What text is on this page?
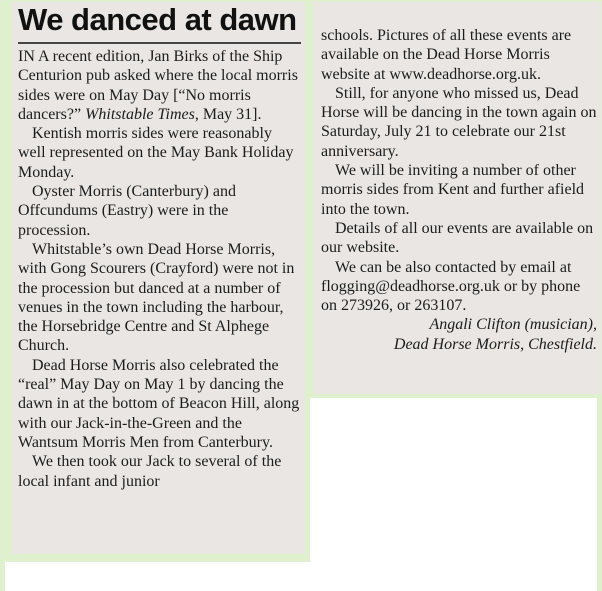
We danced at dawn

IN A recent edition, Jan Birks of the Ship Centurion pub asked where the local morris sides were on May Day [“No morris dancers?” Whitstable Times, May 31].

Kentish morris sides were reasonably well represented on the May Bank Holiday Monday.

Oyster Morris (Canterbury) and Offcundums (Eastry) were in the procession.

Whitstable’s own Dead Horse Morris, with Gong Scourers (Crayford) were not in the procession but danced at a number of venues in the town including the harbour, the Horsebridge Centre and St Alphege Church.

Dead Horse Morris also celebrated the “real” May Day on May 1 by dancing the dawn in at the bottom of Beacon Hill, along with our Jack-in-the-Green and the Wantsum Morris Men from Canterbury.

We then took our Jack to several of the local infant and junior

schools. Pictures of all these events are available on the Dead Horse Morris website at www.deadhorse.org.uk.

Still, for anyone who missed us, Dead Horse will be dancing in the town again on Saturday, July 21 to celebrate our 21st anniversary.

We will be inviting a number of other morris sides from Kent and further afield into the town.

Details of all our events are available on our website.

We can be also contacted by email at flogging@deadhorse.org.uk or by phone on 273926, or 263107.

Angali Clifton (musician),

Dead Horse Morris, Chestfield.
